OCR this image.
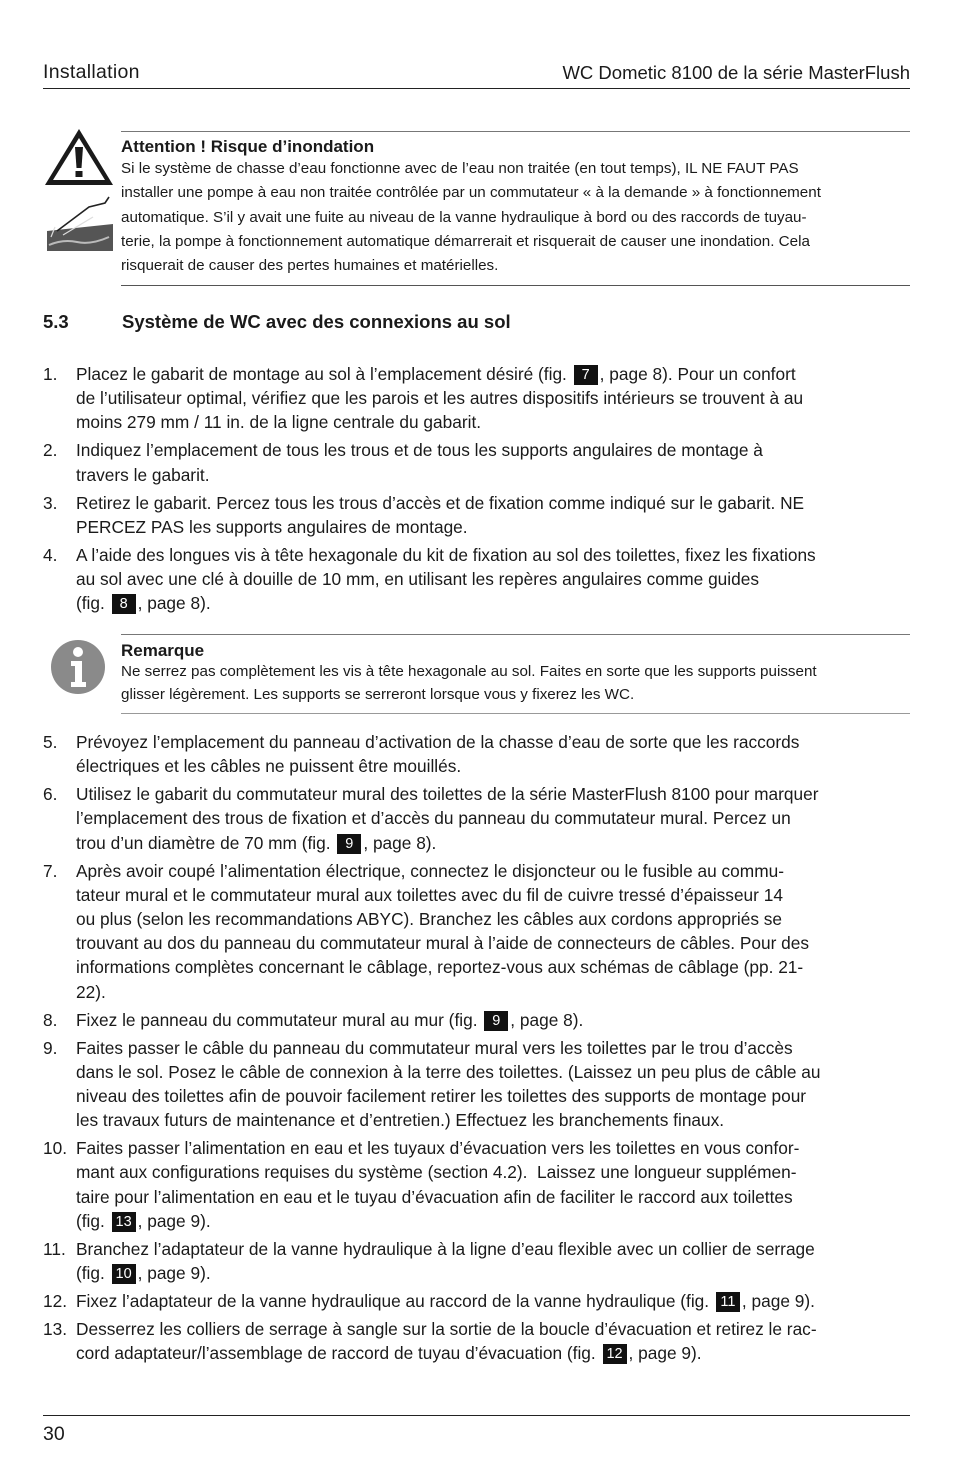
Installation	WC Dometic 8100 de la série MasterFlush
Attention ! Risque d’inondation
Si le système de chasse d’eau fonctionne avec de l’eau non traitée (en tout temps), IL NE FAUT PAS
installer une pompe à eau non traitée contrôlée par un commutateur « à la demande » à fonctionnement
automatique. S’il y avait une fuite au niveau de la vanne hydraulique à bord ou des raccords de tuyau-
terie, la pompe à fonctionnement automatique démarrerait et risquerait de causer une inondation. Cela
risquerait de causer des pertes humaines et matérielles.
5.3	Système de WC avec des connexions au sol
1. Placez le gabarit de montage au sol à l’emplacement désiré (fig. 7 , page 8). Pour un confort
de l’utilisateur optimal, vérifiez que les parois et les autres dispositifs intérieurs se trouvent à au
moins 279 mm / 11 in. de la ligne centrale du gabarit.
2. Indiquez l’emplacement de tous les trous et de tous les supports angulaires de montage à
travers le gabarit.
3. Retirez le gabarit. Percez tous les trous d’accès et de fixation comme indiqué sur le gabarit. NE
PERCEZ PAS les supports angulaires de montage.
4. A l’aide des longues vis à tête hexagonale du kit de fixation au sol des toilettes, fixez les fixations
au sol avec une clé à douille de 10 mm, en utilisant les repères angulaires comme guides
(fig. 8 , page 8).
Remarque
Ne serrez pas complètement les vis à tête hexagonale au sol. Faites en sorte que les supports puissent
glisser légèrement. Les supports se serreront lorsque vous y fixerez les WC.
5. Prévoyez l’emplacement du panneau d’activation de la chasse d’eau de sorte que les raccords
électriques et les câbles ne puissent être mouillés.
6. Utilisez le gabarit du commutateur mural des toilettes de la série MasterFlush 8100 pour marquer
l’emplacement des trous de fixation et d’accès du panneau du commutateur mural. Percez un
trou d’un diamètre de 70 mm (fig. 9 , page 8).
7. Après avoir coupé l’alimentation électrique, connectez le disjoncteur ou le fusible au commu-
tateur mural et le commutateur mural aux toilettes avec du fil de cuivre tressé d’épaisseur 14
ou plus (selon les recommandations ABYC). Branchez les câbles aux cordons appropriés se
trouvant au dos du panneau du commutateur mural à l’aide de connecteurs de câbles. Pour des
informations complètes concernant le câblage, reportez-vous aux schémas de câblage (pp. 21-
22).
8. Fixez le panneau du commutateur mural au mur (fig. 9 , page 8).
9. Faites passer le câble du panneau du commutateur mural vers les toilettes par le trou d’accès
dans le sol. Posez le câble de connexion à la terre des toilettes. (Laissez un peu plus de câble au
niveau des toilettes afin de pouvoir facilement retirer les toilettes des supports de montage pour
les travaux futurs de maintenance et d’entretien.) Effectuez les branchements finaux.
10. Faites passer l’alimentation en eau et les tuyaux d’évacuation vers les toilettes en vous confor-
mant aux configurations requises du système (section 4.2).  Laissez une longueur supplémen-
taire pour l’alimentation en eau et le tuyau d’évacuation afin de faciliter le raccord aux toilettes
(fig. 13 , page 9).
11. Branchez l’adaptateur de la vanne hydraulique à la ligne d’eau flexible avec un collier de serrage
(fig. 10 , page 9).
12. Fixez l’adaptateur de la vanne hydraulique au raccord de la vanne hydraulique (fig. 11 , page 9).
13. Desserrez les colliers de serrage à sangle sur la sortie de la boucle d’évacuation et retirez le rac-
cord adaptateur/l’assemblage de raccord de tuyau d’évacuation (fig. 12 , page 9).
30
